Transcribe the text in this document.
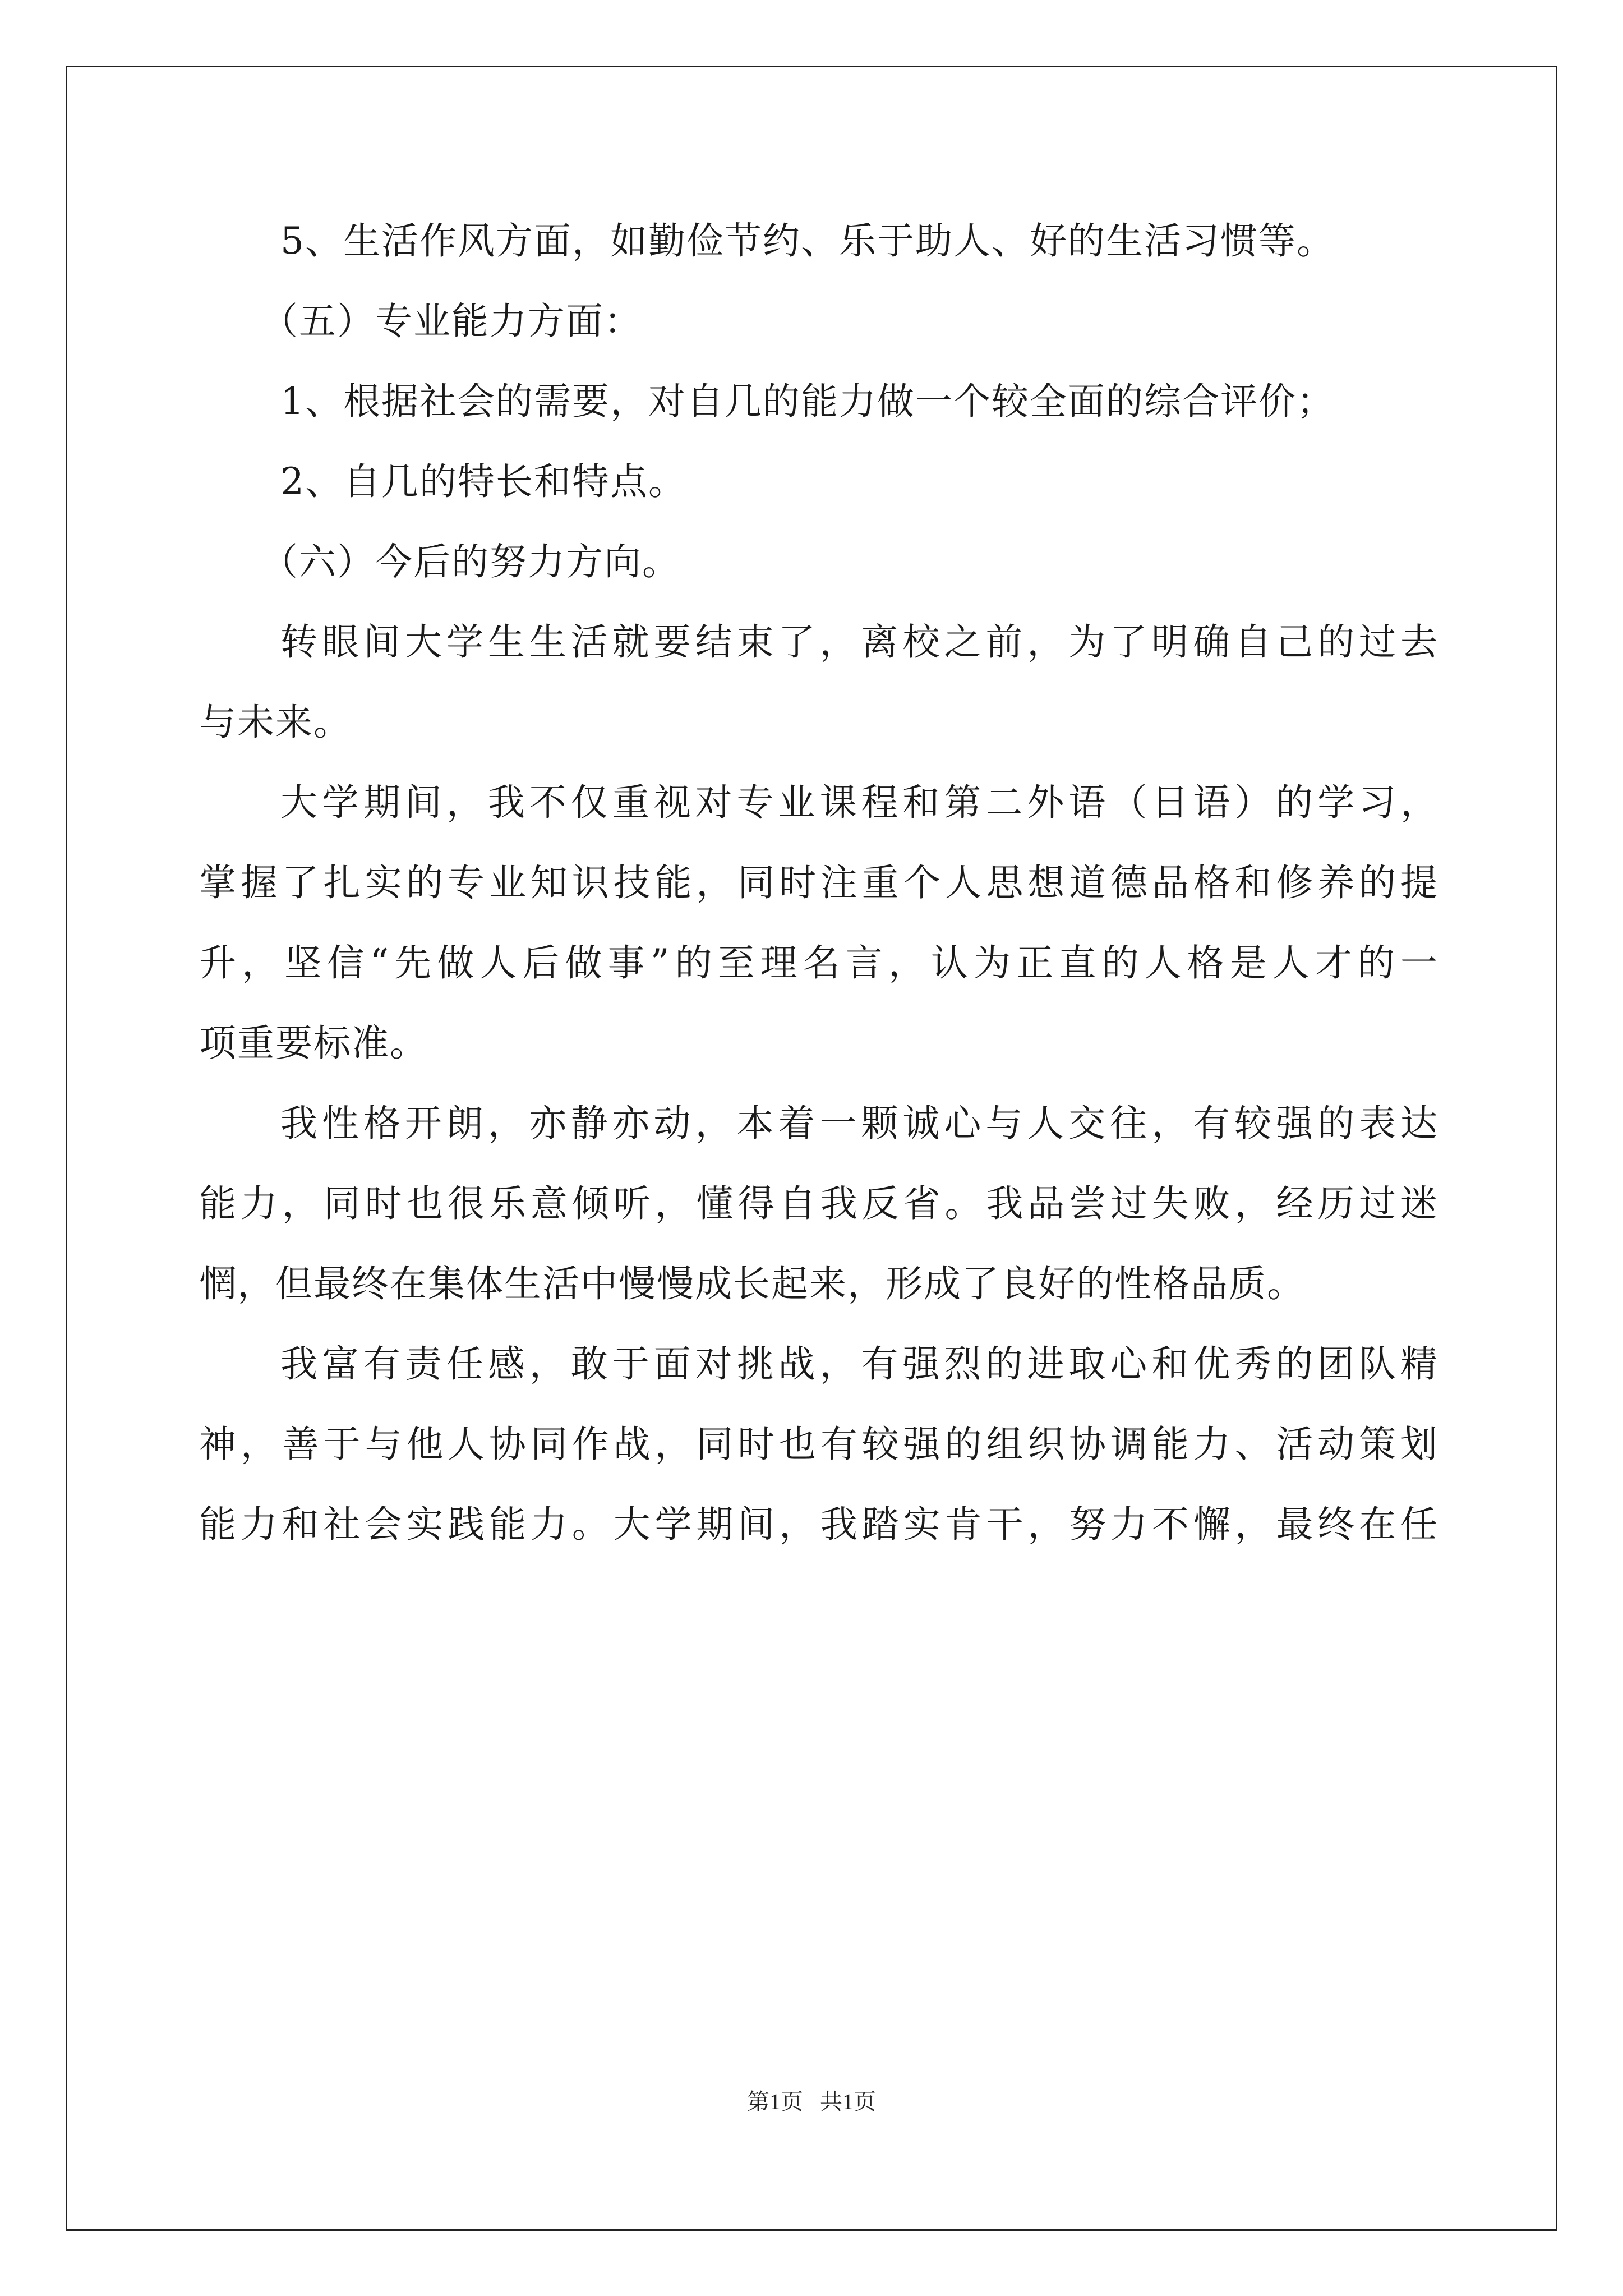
5、生活作风方面，如勤俭节约、乐于助人、好的生活习惯等。
（五）专业能力方面：
1、根据社会的需要，对自几的能力做一个较全面的综合评价；
2、自几的特长和特点。
（六）今后的努力方向。
转眼间大学生生活就要结束了，离校之前，为了明确自己的过去
与未来。
大学期间，我不仅重视对专业课程和第二外语（日语）的学习，
掌握了扎实的专业知识技能，同时注重个人思想道德品格和修养的提
升，坚信“先做人后做事”的至理名言，认为正直的人格是人才的一
项重要标准。
我性格开朗，亦静亦动，本着一颗诚心与人交往，有较强的表达
能力，同时也很乐意倾听，懂得自我反省。我品尝过失败，经历过迷
惘，但最终在集体生活中慢慢成长起来，形成了良好的性格品质。
我富有责任感，敢于面对挑战，有强烈的进取心和优秀的团队精
神，善于与他人协同作战，同时也有较强的组织协调能力、活动策划
能力和社会实践能力。大学期间，我踏实肯干，努力不懈，最终在任
第1页   共1页
